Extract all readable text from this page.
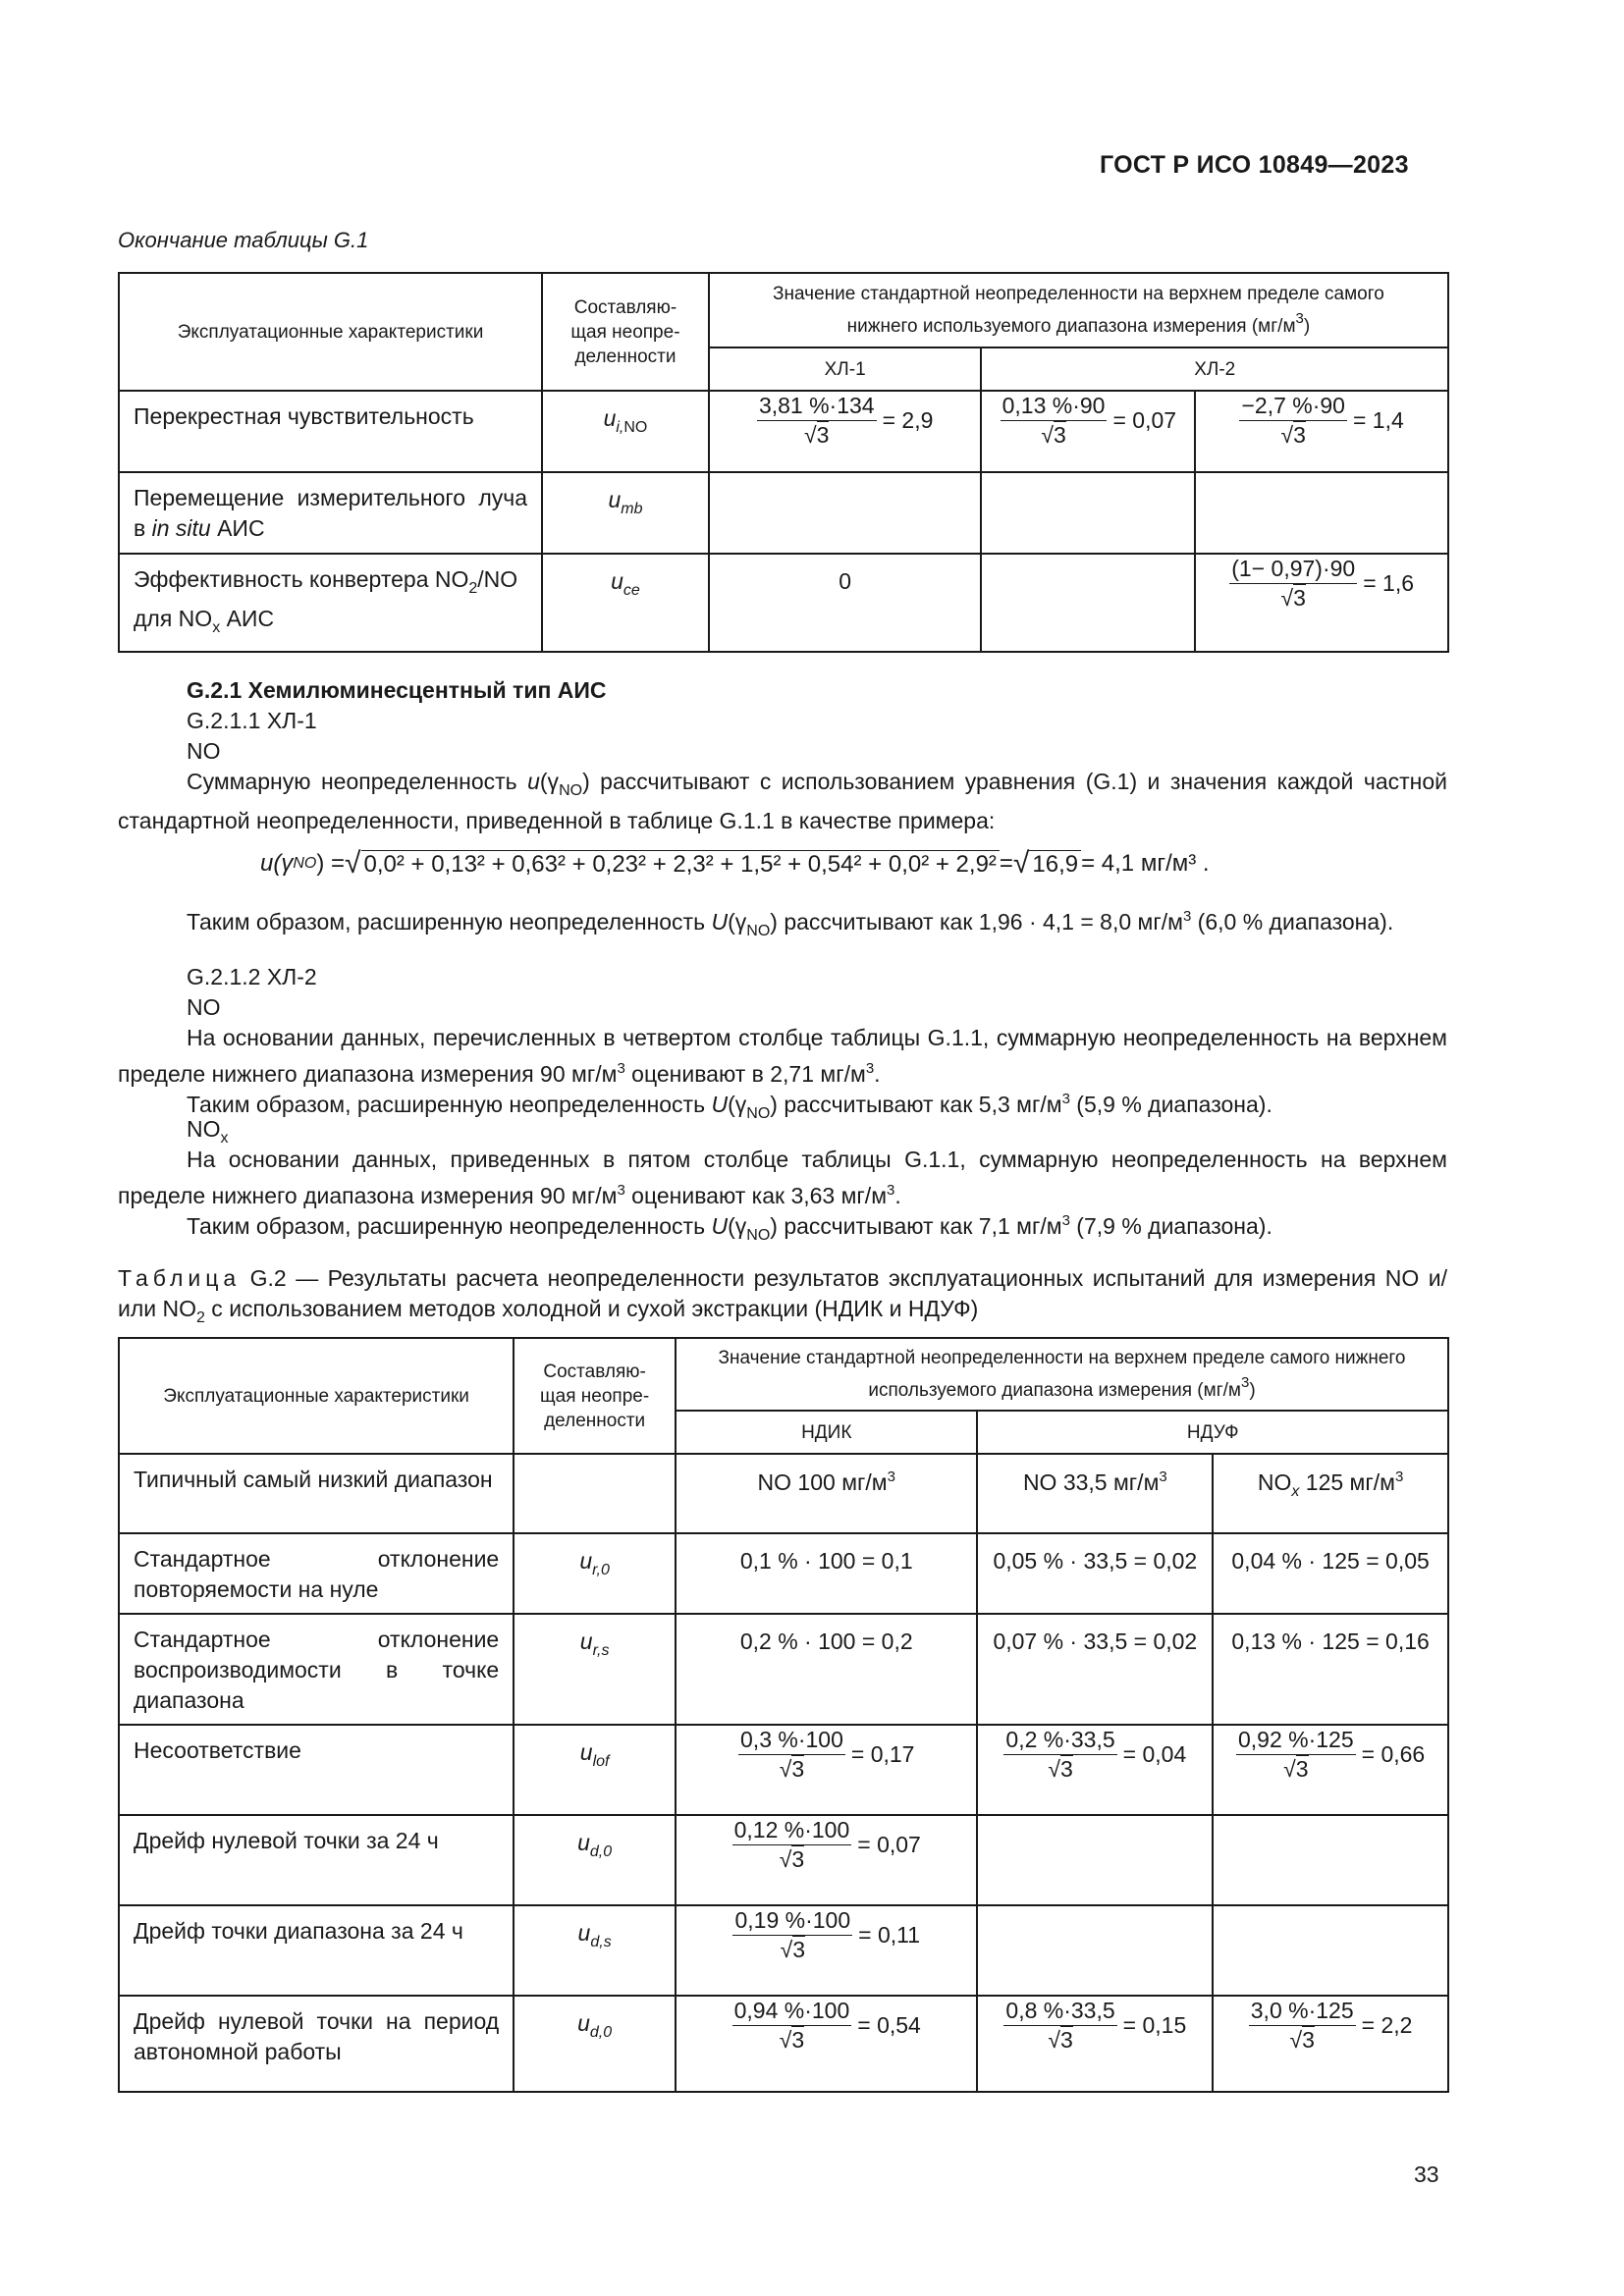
ГОСТ Р ИСО 10849—2023
Окончание таблицы G.1
Эксплуатационные характеристики	Составляю-щая неопре-деленности	Значение стандартной неопределенности на верхнем пределе самого нижнего используемого диапазона измерения $(мг/м^3)$		
		ХЛ-1	ХЛ-2	
Перекрестная чувствительность	$u_{i,NO}$	$\frac{3,81 \%\cdot 134}{√3} = 2,9$	$\frac{0,13 \%\cdot 90}{√3} = 0,07$	$\frac{-2,7 \%\cdot 90}{√3} = 1,4$

Перемещение измерительного луча в in situ АИС	$u_{mb}$			
Эффективность конвертера $NO_2/NO$ для $NO_x$ АИС	$u_{ce}$	0		$\frac{(1- 0,97)\cdot 90}{√3} = 1,6$
G.2.1 Хемилюминесцентный тип АИС
G.2.1.1 ХЛ-1
NO
Суммарную неопределенность $u(\gamma_{NO})$ рассчитывают с использованием уравнения (G.1) и значения каждой частной стандартной неопределенности, приведенной в таблице G.1.1 в качестве примера:
u(γ NO ) = √ 0,0² + 0,13² + 0,63² + 0,23² + 2,3² + 1,5² + 0,54² + 0,0² + 2,9² = √ 16,9 = 4,1 мг/м³ .
Таким образом, расширенную неопределенность $U(\gamma_{NO})$ рассчитывают как 1,96 · 4,1 = 8,0 $мг/м^3$ (6,0 % диапазона).
G.2.1.2 ХЛ-2
NO
На основании данных, перечисленных в четвертом столбце таблицы G.1.1, суммарную неопределенность на верхнем пределе нижнего диапазона измерения 90 $мг/м^3$ оценивают в 2,71 $мг/м^3$.
Таким образом, расширенную неопределенность $U(\gamma_{NO})$ рассчитывают как 5,3 $мг/м^3$ (5,9 % диапазона).
$NO_x$
На основании данных, приведенных в пятом столбце таблицы G.1.1, суммарную неопределенность на верхнем пределе нижнего диапазона измерения 90 $мг/м^3$ оценивают как 3,63 $мг/м^3$.
Таким образом, расширенную неопределенность $U(\gamma_{NO})$ рассчитывают как 7,1 $мг/м^3$ (7,9 % диапазона).
Таблица G.2 — Результаты расчета неопределенности результатов эксплуатационных испытаний для измерения NO и/или $NO_2$ с использованием методов холодной и сухой экстракции (НДИК и НДУФ)
Эксплуатационные характеристики	Составляю-щая неопре-деленности	Значение стандартной неопределенности на верхнем пределе самого нижнего используемого диапазона измерения $(мг/м^3)$		
		НДИК	НДУФ	
Типичный самый низкий диапазон		NO 100 $мг/м^3$	NO 33,5 $мг/м^3$	$NO_x$ 125 $мг/м^3$
Стандартное отклонение повторяемости на нуле	$u_{r,0}$	0,1 % · 100 = 0,1	0,05 % · 33,5 = 0,02	0,04 % · 125 = 0,05
Стандартное отклонение воспроизводимости в точке диапазона	$u_{r,s}$	0,2 % · 100 = 0,2	0,07 % · 33,5 = 0,02	0,13 % · 125 = 0,16
Несоответствие	$u_{lof}$	$\frac{0,3 \%\cdot 100}{√3} = 0,17$	$\frac{0,2 \%\cdot 33,5}{√3} = 0,04$	$\frac{0,92 \%\cdot 125}{√3} = 0,66$

Дрейф нулевой точки за 24 ч	$u_{d,0}$	$\frac{0,12 \%\cdot 100}{√3} = 0,07$		

Дрейф точки диапазона за 24 ч	$u_{d,s}$	$\frac{0,19 \%\cdot 100}{√3} = 0,11$		

Дрейф нулевой точки на период автономной работы	$u_{d,0}$	$\frac{0,94 \%\cdot 100}{√3} = 0,54$	$\frac{0,8 \%\cdot 33,5}{√3} = 0,15$	$\frac{3,0 \%\cdot 125}{√3} = 2,2$
33
